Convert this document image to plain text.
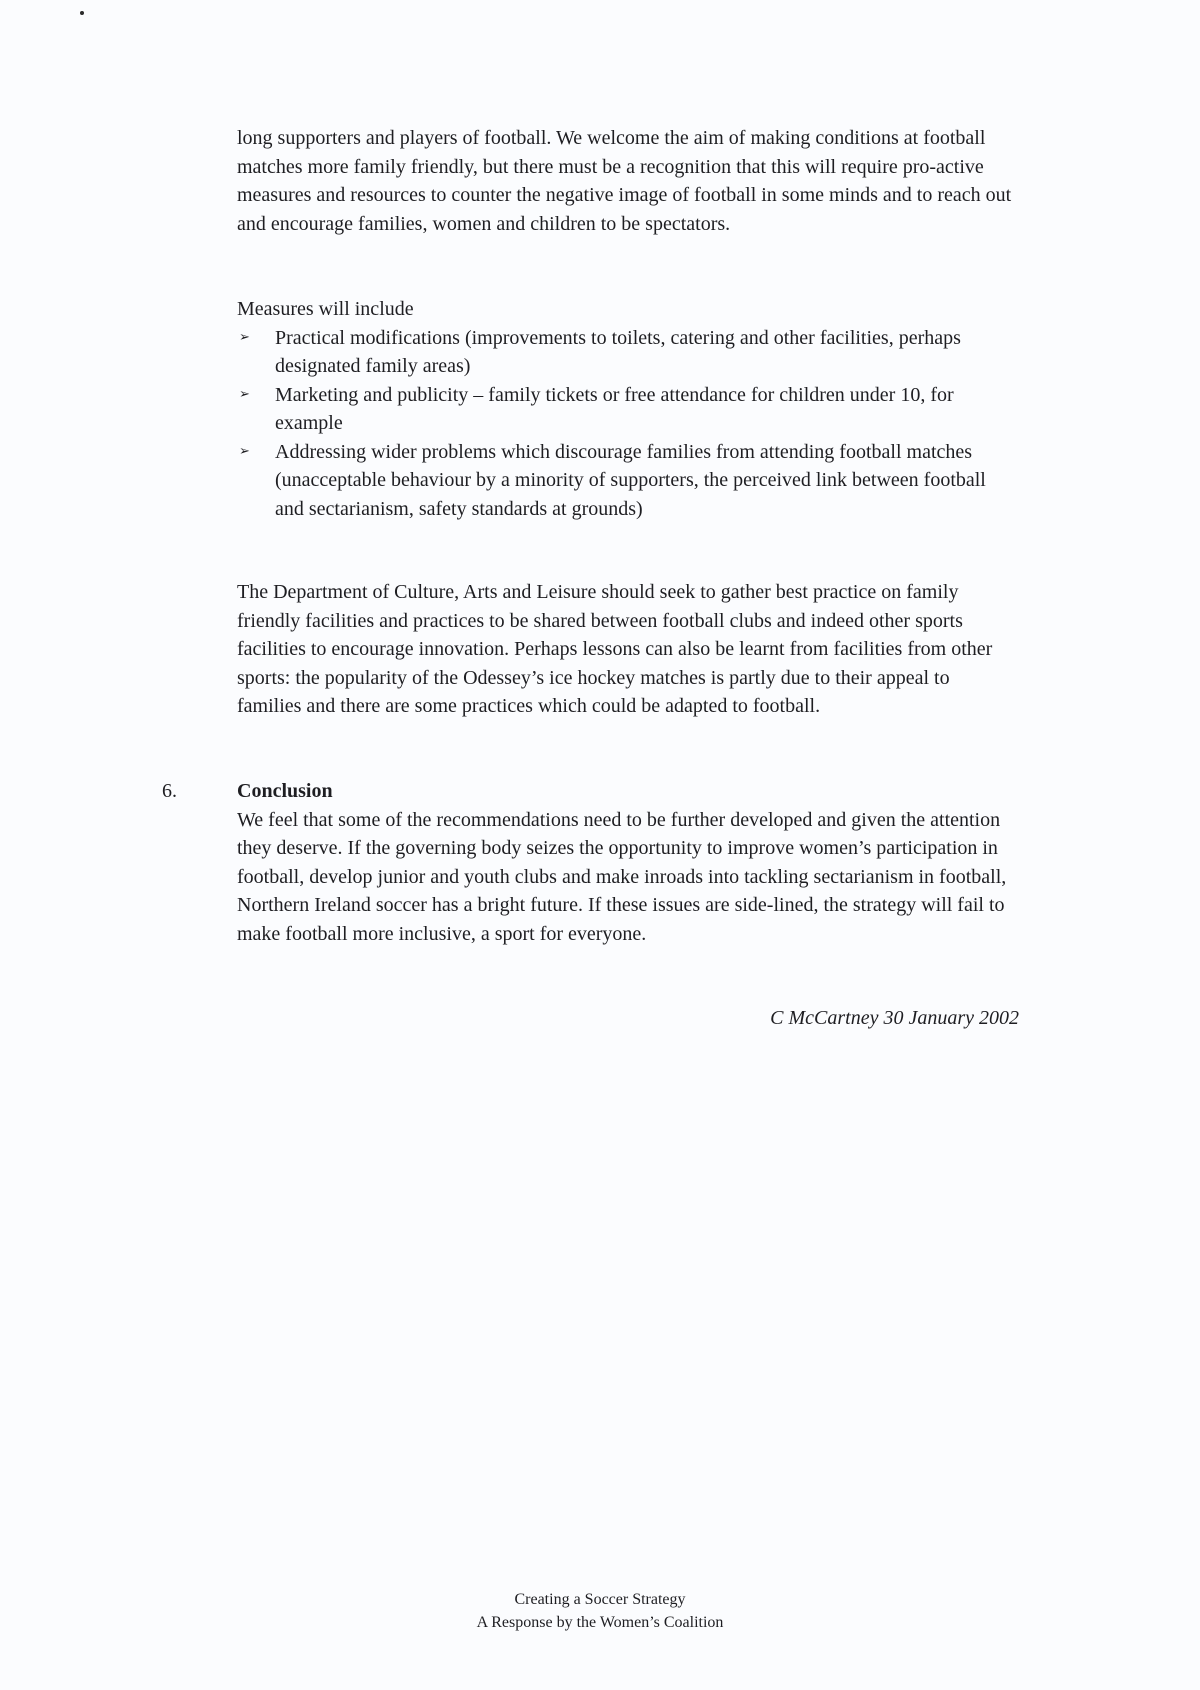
long supporters and players of football. We welcome the aim of making conditions at football matches more family friendly, but there must be a recognition that this will require pro-active measures and resources to counter the negative image of football in some minds and to reach out and encourage families, women and children to be spectators.

Measures will include

➢ Practical modifications (improvements to toilets, catering and other facilities, perhaps designated family areas)
➢ Marketing and publicity – family tickets or free attendance for children under 10, for example
➢ Addressing wider problems which discourage families from attending football matches (unacceptable behaviour by a minority of supporters, the perceived link between football and sectarianism, safety standards at grounds)

The Department of Culture, Arts and Leisure should seek to gather best practice on family friendly facilities and practices to be shared between football clubs and indeed other sports facilities to encourage innovation. Perhaps lessons can also be learnt from facilities from other sports: the popularity of the Odessey’s ice hockey matches is partly due to their appeal to families and there are some practices which could be adapted to football.

6.	Conclusion

We feel that some of the recommendations need to be further developed and given the attention they deserve. If the governing body seizes the opportunity to improve women’s participation in football, develop junior and youth clubs and make inroads into tackling sectarianism in football, Northern Ireland soccer has a bright future. If these issues are side-lined, the strategy will fail to make football more inclusive, a sport for everyone.

C McCartney 30 January 2002
Creating a Soccer Strategy
A Response by the Women’s Coalition
